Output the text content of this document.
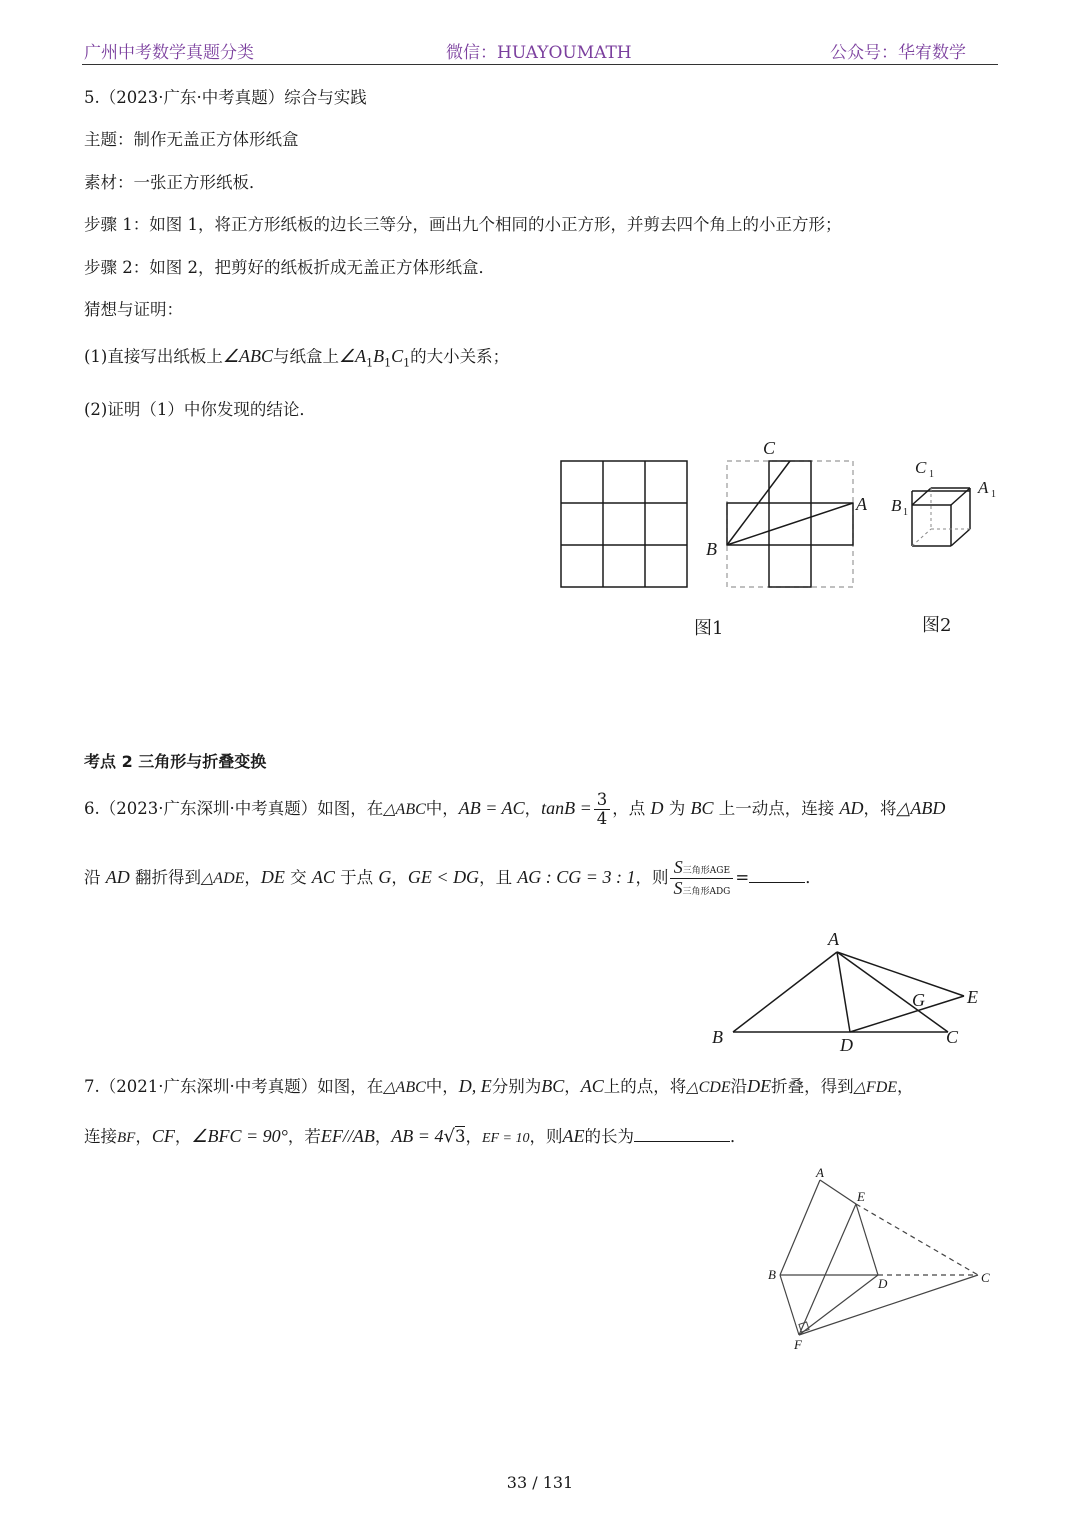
广州中考数学真题分类	微信：HUAYOUMATH	公众号：华宥数学
5.（2023·广东·中考真题）综合与实践
主题：制作无盖正方体形纸盒
素材：一张正方形纸板．
步骤 1：如图 1，将正方形纸板的边长三等分，画出九个相同的小正方形，并剪去四个角上的小正方形；
步骤 2：如图 2，把剪好的纸板折成无盖正方体形纸盒．
猜想与证明：
(1)直接写出纸板上∠ABC与纸盒上$\angle A_1B_1C_1$的大小关系；
(2)证明（1）中你发现的结论．
C
A
B
图1
C 1
A 1
B 1
图2
考点 2 三角形与折叠变换
6.（2023·广东深圳·中考真题）如图，在△ABC中，AB = AC，$\tan B = \frac{3}{4}$ ，点 D 为 BC 上一动点，连接 AD，将△ABD
沿 AD 翻折得到△ADE，DE 交 AC 于点 G，GE < DG，且 AG : CG = 3 : 1，则 $\frac{\text{S三角形AGE}}{\text{S三角形ADG}}$ =	．
A
B	C
D
E
G
7.（2021·广东深圳·中考真题）如图，在△ABC中，D, E分别为BC，AC上的点，将△CDE沿DE折叠，得到△FDE，
连接BF，CF，∠BFC = 90°，若EF//AB，AB = 4√3，EF = 10，则AE的长为	．
A
B	C
D
E
F
33 / 131
